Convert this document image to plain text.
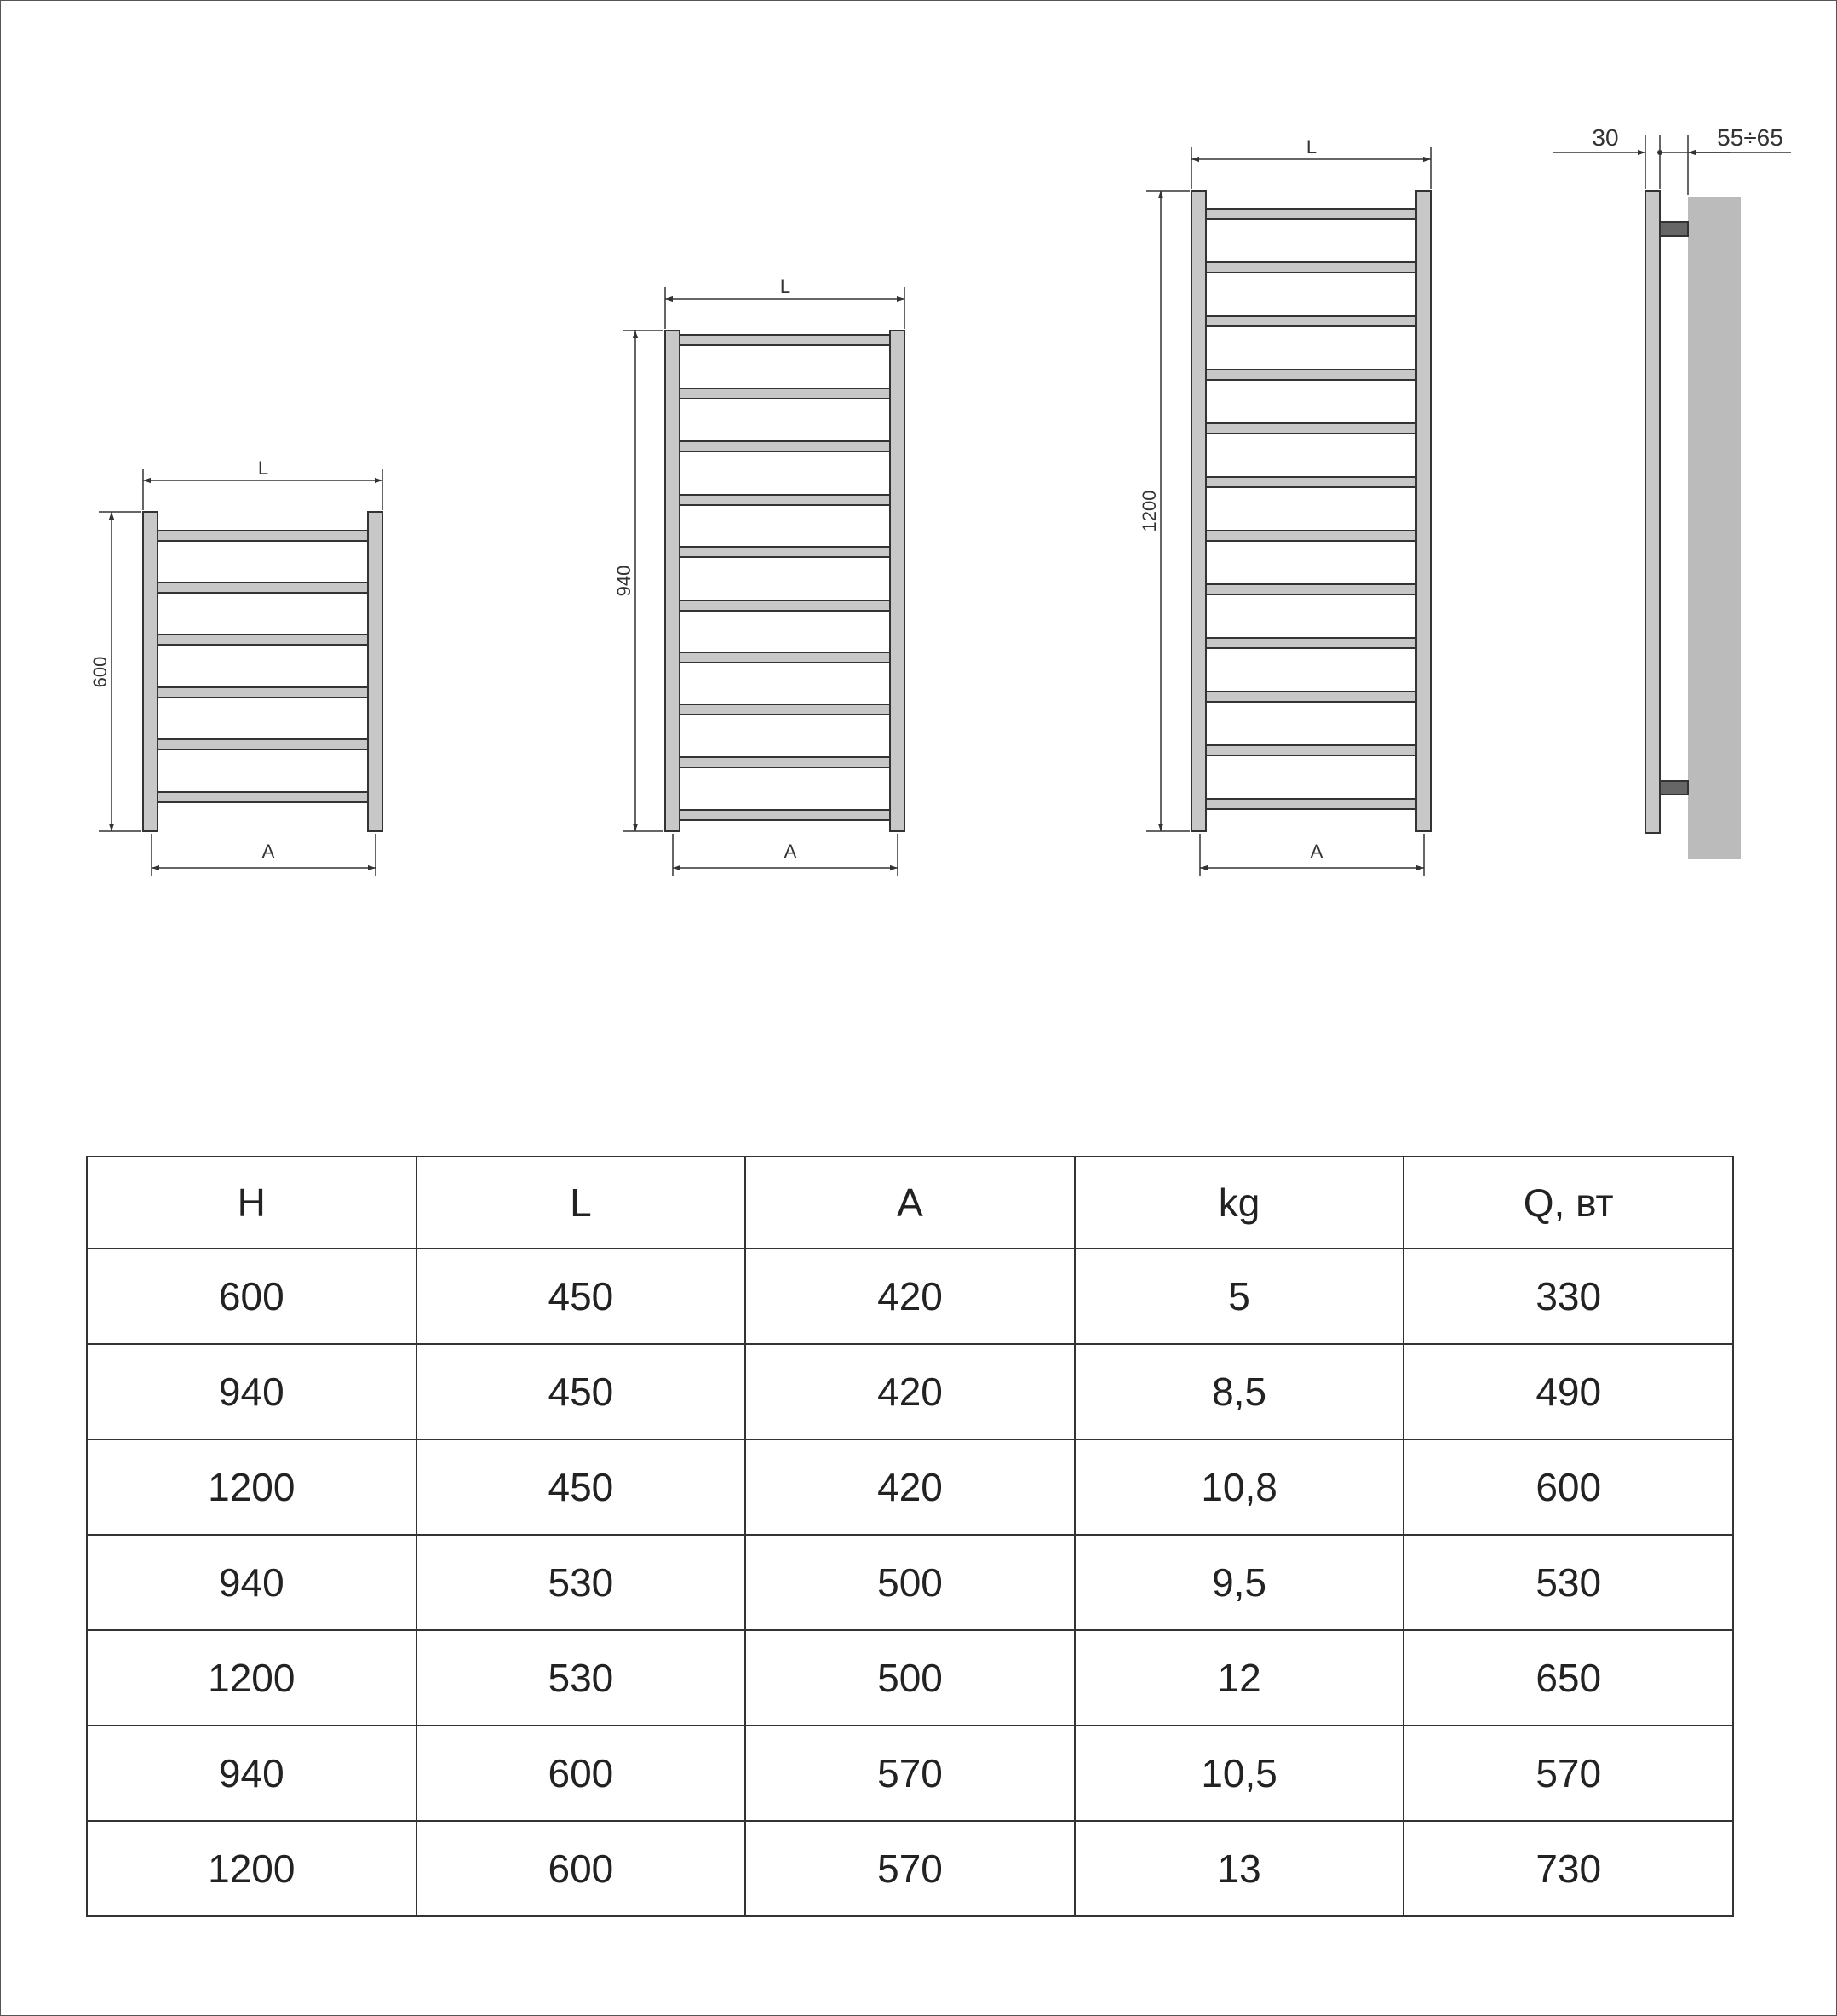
600
L
A
940
L
A
1200
L
A
30	55÷65
H	L	A	kg	Q, вт
600	450	420	5	330
940	450	420	8,5	490
1200	450	420	10,8	600
940	530	500	9,5	530
1200	530	500	12	650
940	600	570	10,5	570
1200	600	570	13	730
